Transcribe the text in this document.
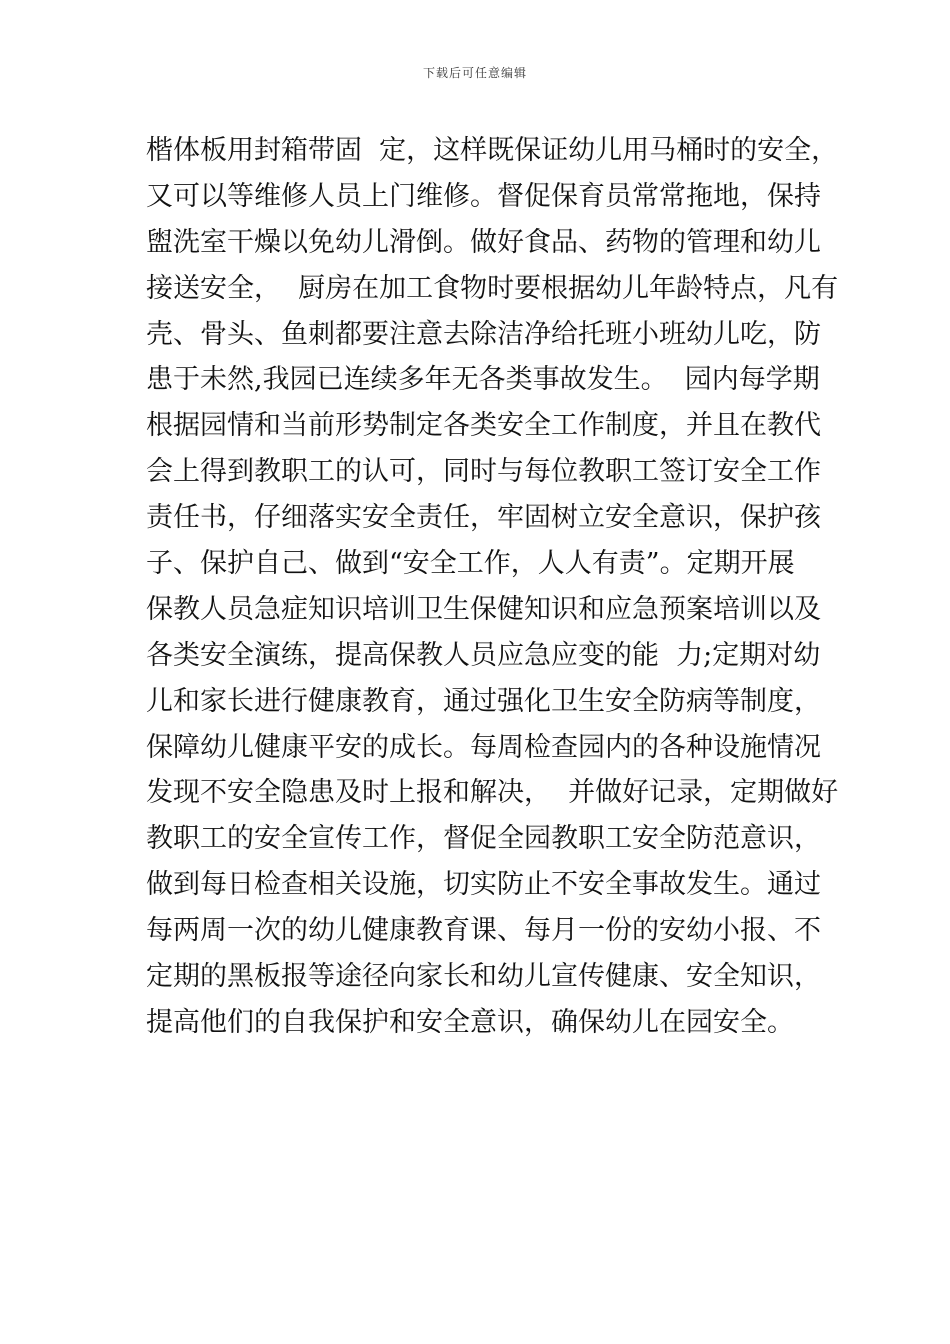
下载后可任意编辑
楷体板用封箱带固  定，这样既保证幼儿用马桶时的安全，
又可以等维修人员上门维修。督促保育员常常拖地，保持
盥洗室干燥以免幼儿滑倒。做好食品、药物的管理和幼儿
接送安全，  厨房在加工食物时要根据幼儿年龄特点，凡有
壳、骨头、鱼刺都要注意去除洁净给托班小班幼儿吃，防
患于未然,我园已连续多年无各类事故发生。  园内每学期
根据园情和当前形势制定各类安全工作制度，并且在教代
会上得到教职工的认可，同时与每位教职工签订安全工作
责任书，仔细落实安全责任，牢固树立安全意识，保护孩
子、保护自己、做到“安全工作，人人有责”。定期开展
保教人员急症知识培训卫生保健知识和应急预案培训以及
各类安全演练，提高保教人员应急应变的能  力;定期对幼
儿和家长进行健康教育，通过强化卫生安全防病等制度，
保障幼儿健康平安的成长。每周检查园内的各种设施情况
发现不安全隐患及时上报和解决，  并做好记录，定期做好
教职工的安全宣传工作，督促全园教职工安全防范意识，
做到每日检查相关设施，切实防止不安全事故发生。通过
每两周一次的幼儿健康教育课、每月一份的安幼小报、不
定期的黑板报等途径向家长和幼儿宣传健康、安全知识，
提高他们的自我保护和安全意识，确保幼儿在园安全。
